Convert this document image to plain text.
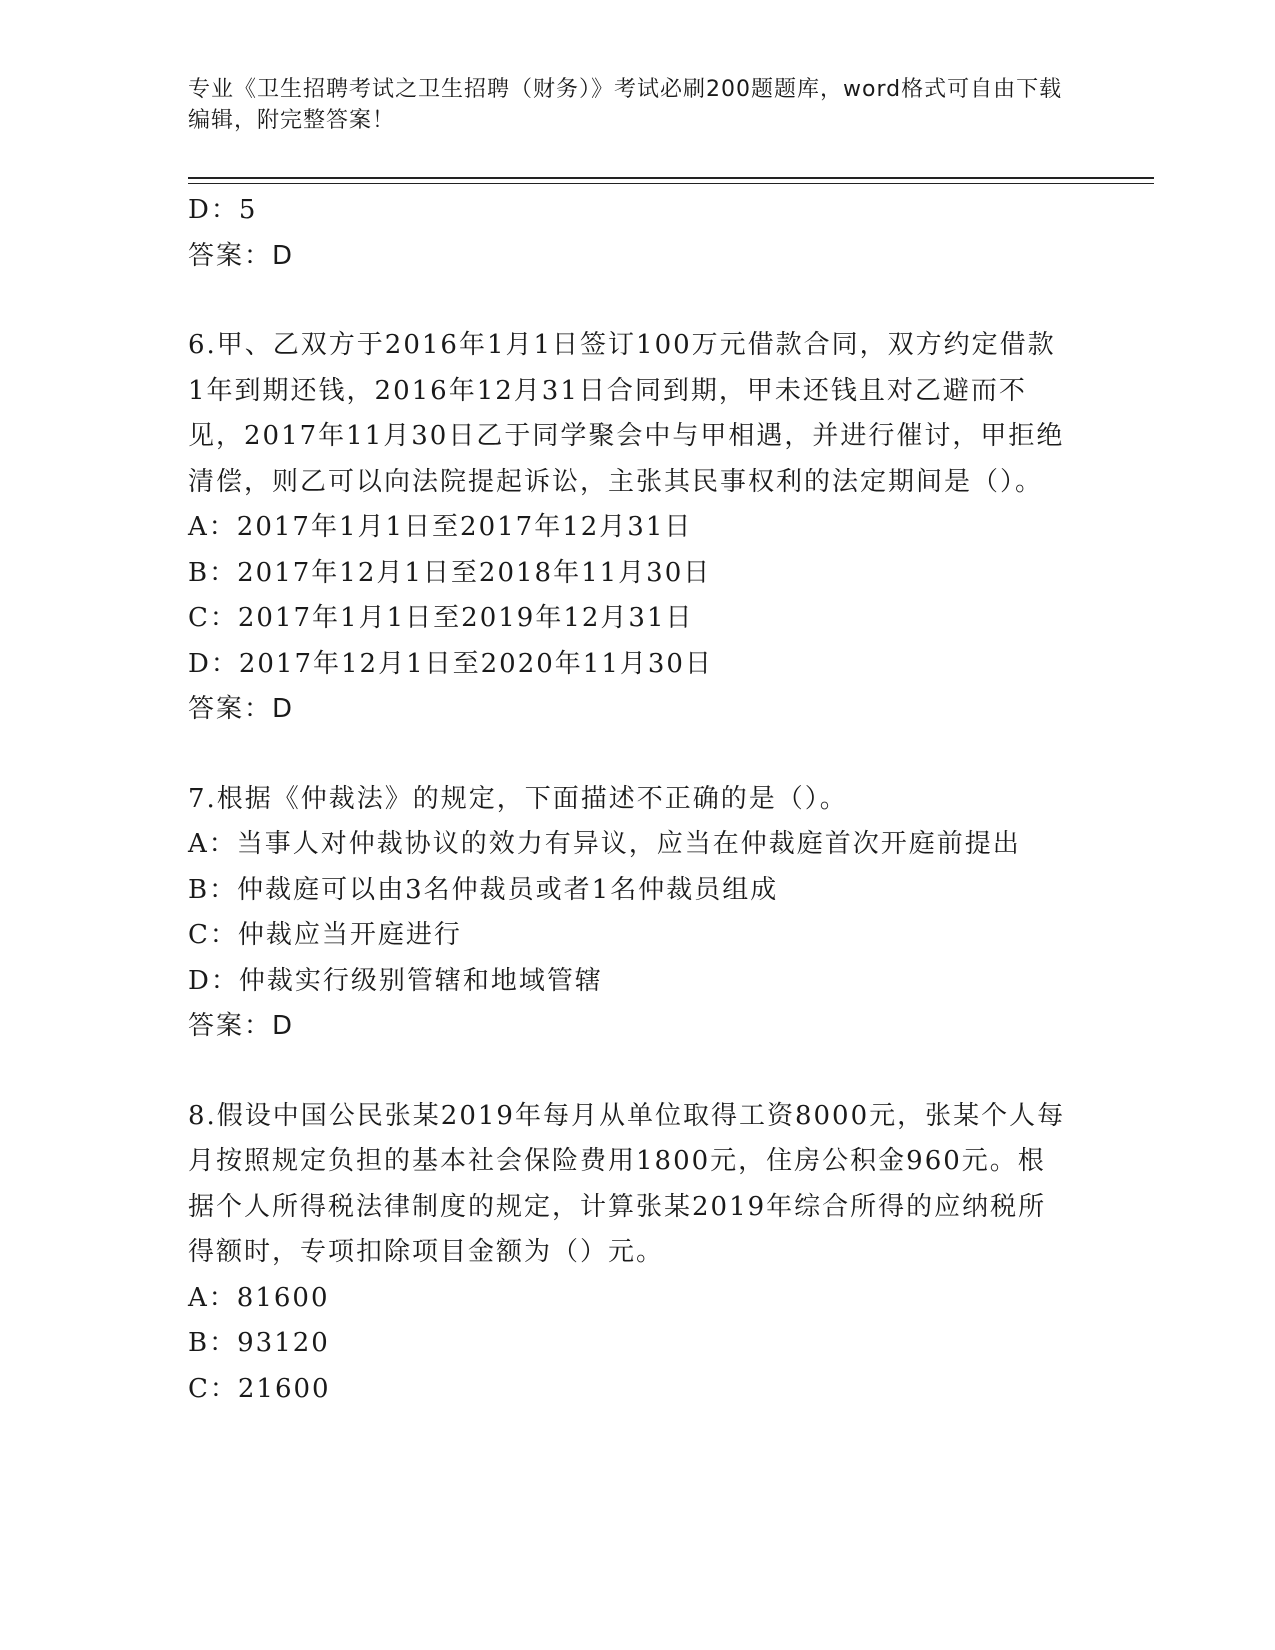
专业《卫生招聘考试之卫生招聘（财务）》考试必刷200题题库，word格式可自由下载编辑，附完整答案！
D：5
答案：D
6.甲、乙双方于2016年1月1日签订100万元借款合同，双方约定借款1年到期还钱，2016年12月31日合同到期，甲未还钱且对乙避而不见，2017年11月30日乙于同学聚会中与甲相遇，并进行催讨，甲拒绝清偿，则乙可以向法院提起诉讼，主张其民事权利的法定期间是（）。
A：2017年1月1日至2017年12月31日
B：2017年12月1日至2018年11月30日
C：2017年1月1日至2019年12月31日
D：2017年12月1日至2020年11月30日
答案：D
7.根据《仲裁法》的规定，下面描述不正确的是（）。
A：当事人对仲裁协议的效力有异议，应当在仲裁庭首次开庭前提出
B：仲裁庭可以由3名仲裁员或者1名仲裁员组成
C：仲裁应当开庭进行
D：仲裁实行级别管辖和地域管辖
答案：D
8.假设中国公民张某2019年每月从单位取得工资8000元，张某个人每月按照规定负担的基本社会保险费用1800元，住房公积金960元。根据个人所得税法律制度的规定，计算张某2019年综合所得的应纳税所得额时，专项扣除项目金额为（）元。
A：81600
B：93120
C：21600
